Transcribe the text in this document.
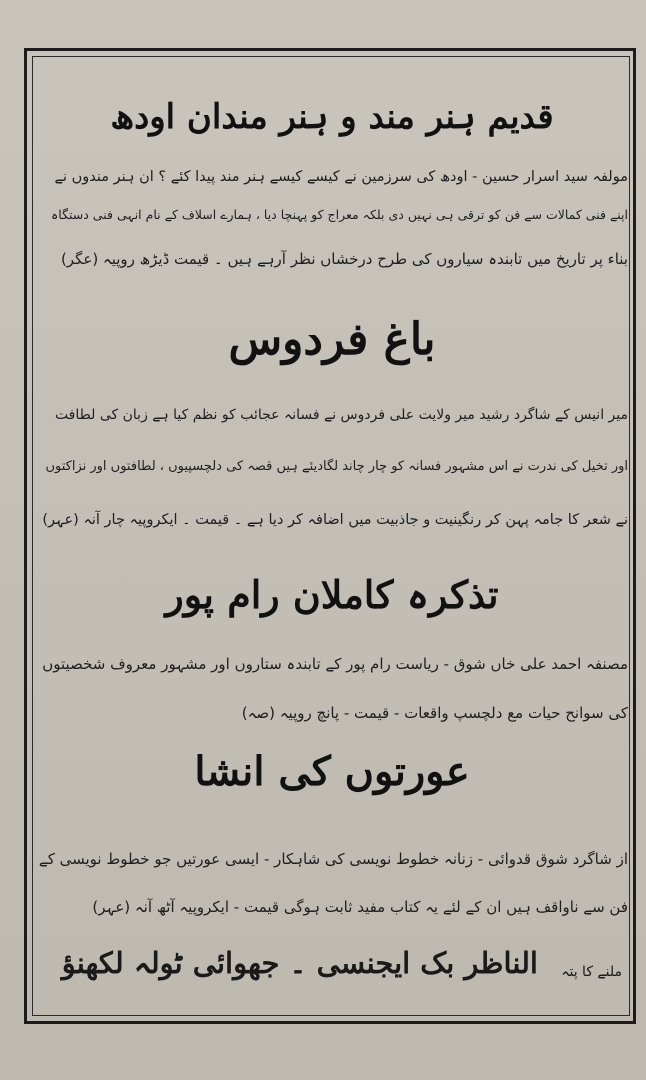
قدیم ہنر مند و ہنر مندان اودھ
مولفہ سید اسرار حسین - اودھ کی سرزمین نے کیسے کیسے ہنر مند پیدا کئے ؟ ان ہنر مندوں نے
اپنے فنی کمالات سے فن کو ترقی ہی نہیں دی بلکہ معراج کو پہنچا دیا ، ہمارے اسلاف کے نام انہی فنی دستگاہ
بناء پر تاریخ میں تابندہ سیاروں کی طرح درخشاں نظر آرہے ہیں ۔ قیمت ڈیڑھ روپیہ (عگر)
باغ فردوس
میر انیس کے شاگرد رشید میر ولایت علی فردوس نے فسانہ عجائب کو نظم کیا ہے زبان کی لطافت
اور تخیل کی ندرت نے اس مشہور فسانہ کو چار چاند لگادیئے ہیں قصہ کی دلچسپیوں ، لطافتوں اور نزاکتوں
نے شعر کا جامہ پہن کر رنگینیت و جاذبیت میں اضافہ کر دیا ہے ۔ قیمت ۔ ایکروپیہ چار آنہ (عہر)
تذکرہ کاملان رام پور
مصنفہ احمد علی خاں شوق - ریاست رام پور کے تابندہ ستاروں اور مشہور معروف شخصیتوں
کی سوانح حیات مع دلچسپ واقعات - قیمت - پانچ روپیہ (صہ)
عورتوں کی انشا
از شاگرد شوق قدوائی - زنانہ خطوط نویسی کی شاہکار - ایسی عورتیں جو خطوط نویسی کے
فن سے ناواقف ہیں ان کے لئے یہ کتاب مفید ثابت ہوگی قیمت - ایکروپیہ آٹھ آنہ (عہر)
ملنے کا پتہ
الناظر بک ایجنسی ۔ جھوائی ٹولہ لکھنؤ
